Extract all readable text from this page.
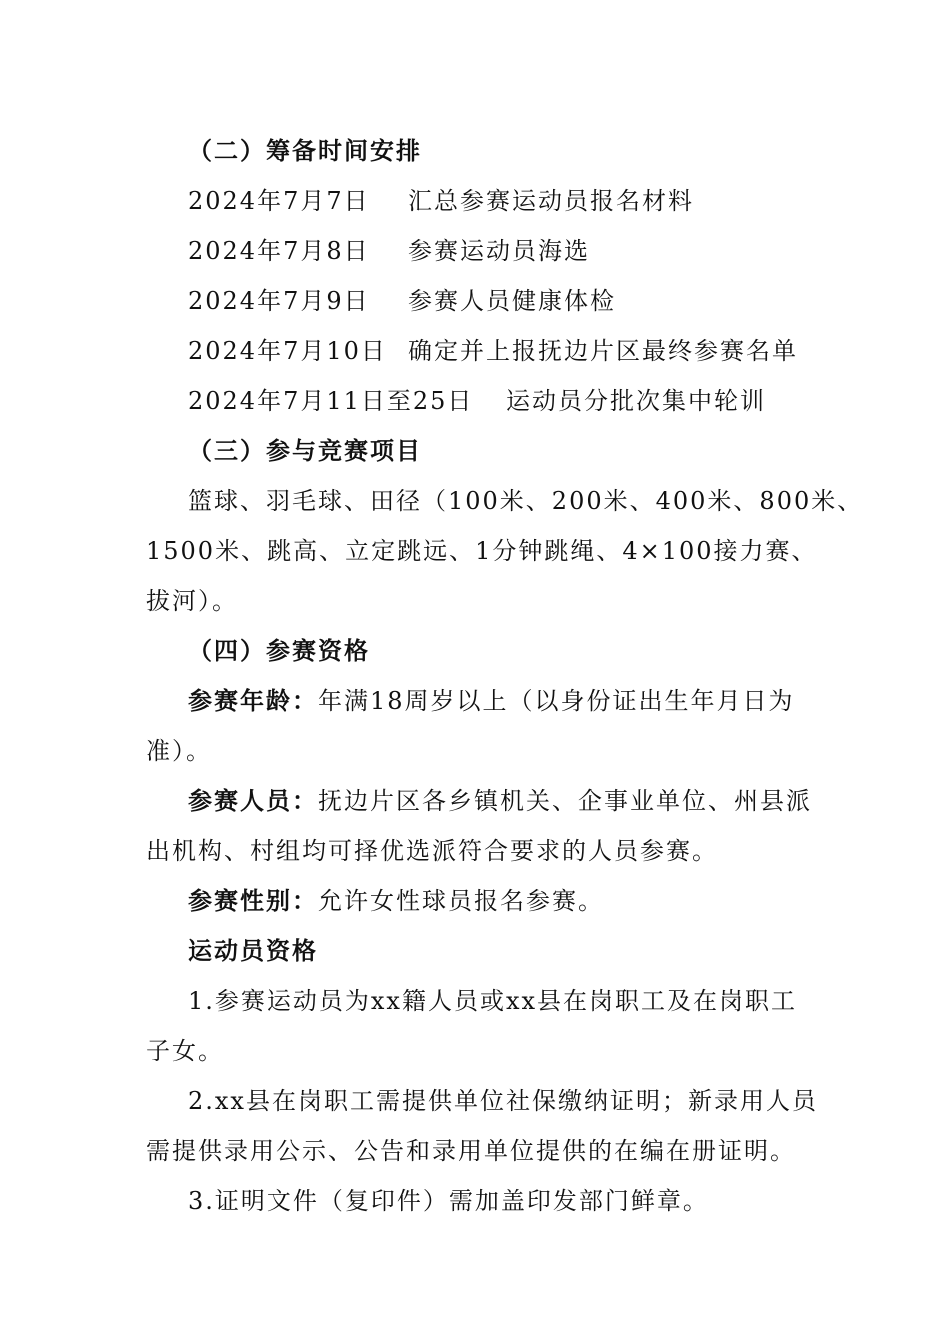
（二）筹备时间安排
2024年7月7日 汇总参赛运动员报名材料
2024年7月8日 参赛运动员海选
2024年7月9日 参赛人员健康体检
2024年7月10日 确定并上报抚边片区最终参赛名单
2024年7月11日至25日 运动员分批次集中轮训
（三）参与竞赛项目
篮球、羽毛球、田径（100米、200米、400米、800米、
1500米、跳高、立定跳远、1分钟跳绳、4×100接力赛、
拔河）。
（四）参赛资格
参赛年龄：年满18周岁以上（以身份证出生年月日为
准）。
参赛人员：抚边片区各乡镇机关、企事业单位、州县派
出机构、村组均可择优选派符合要求的人员参赛。
参赛性别：允许女性球员报名参赛。
运动员资格
1.参赛运动员为xx籍人员或xx县在岗职工及在岗职工
子女。
2.xx县在岗职工需提供单位社保缴纳证明；新录用人员
需提供录用公示、公告和录用单位提供的在编在册证明。
3.证明文件（复印件）需加盖印发部门鲜章。
